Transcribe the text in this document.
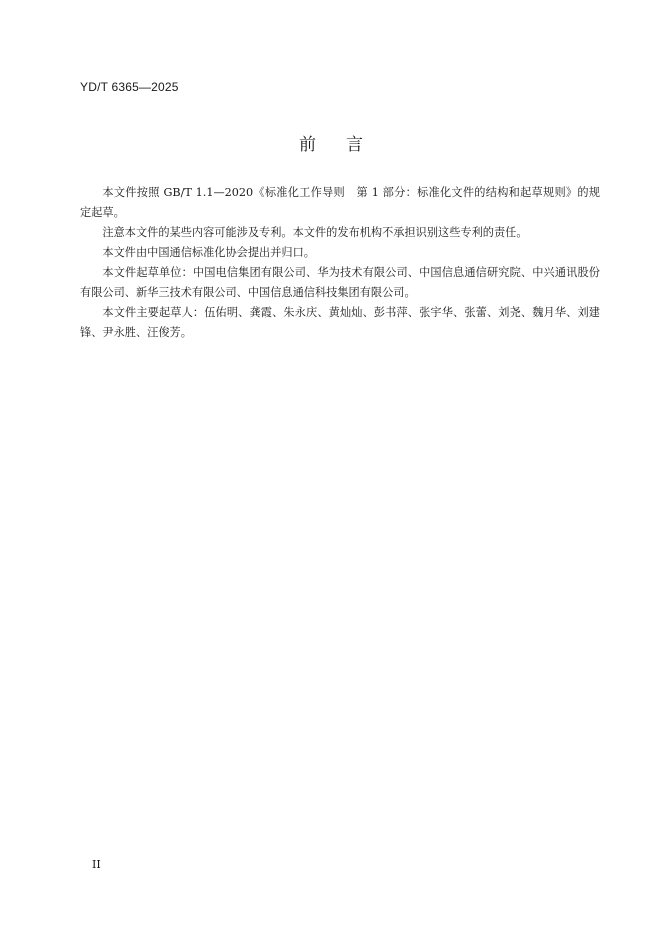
YD/T 6365—2025
前言

本文件按照 GB/T 1.1—2020《标准化工作导则　第 1 部分：标准化文件的结构和起草规则》的规定起草。

注意本文件的某些内容可能涉及专利。本文件的发布机构不承担识别这些专利的责任。

本文件由中国通信标准化协会提出并归口。

本文件起草单位：中国电信集团有限公司、华为技术有限公司、中国信息通信研究院、中兴通讯股份有限公司、新华三技术有限公司、中国信息通信科技集团有限公司。

本文件主要起草人：伍佑明、龚霞、朱永庆、黄灿灿、彭书萍、张宇华、张蕾、刘尧、魏月华、刘建锋、尹永胜、汪俊芳。

II
